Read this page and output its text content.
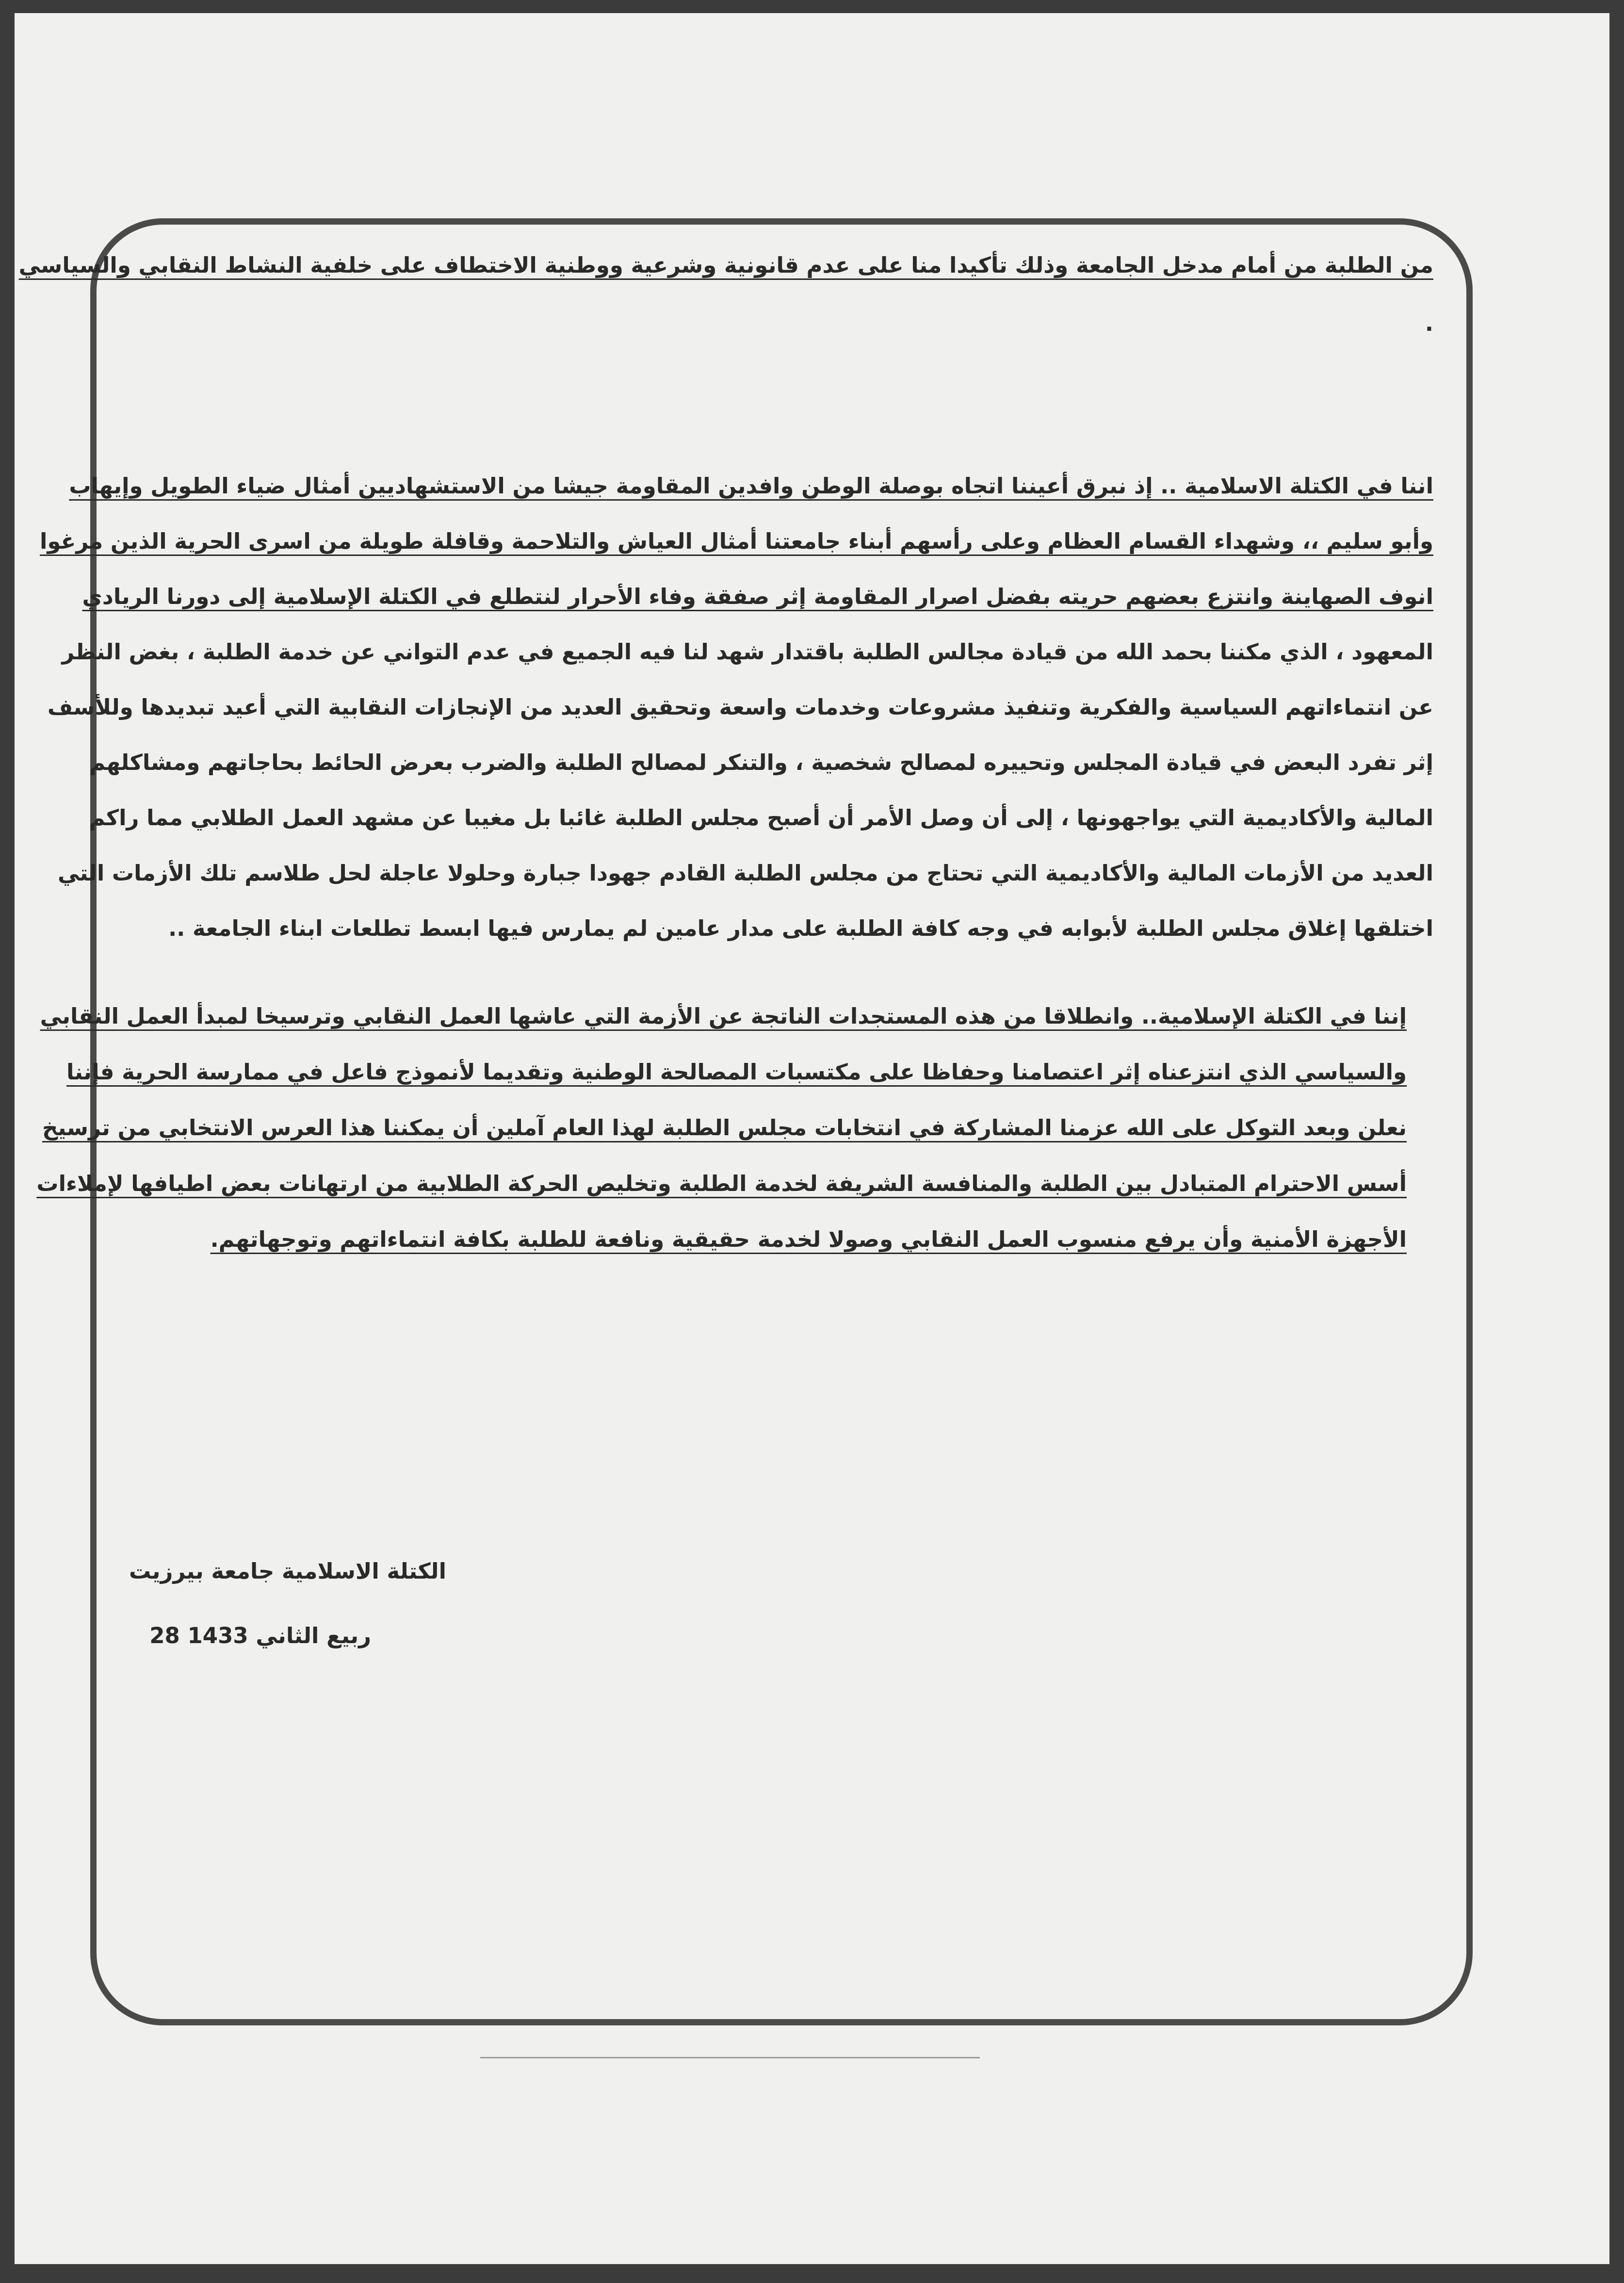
من الطلبة من أمام مدخل الجامعة وذلك تأكيدا منا على عدم قانونية وشرعية ووطنية الاختطاف على خلفية النشاط النقابي والسياسي
.
اننا في الكتلة الاسلامية .. إذ نبرق أعيننا اتجاه بوصلة الوطن وافدين المقاومة جيشا من الاستشهاديين أمثال ضياء الطويل وإيهاب
وأبو سليم ،، وشهداء القسام العظام وعلى رأسهم أبناء جامعتنا أمثال العياش والتلاحمة وقافلة طويلة من اسرى الحرية الذين مرغوا
انوف الصهاينة وانتزع بعضهم حريته بفضل اصرار المقاومة إثر صفقة وفاء الأحرار لنتطلع في الكتلة الإسلامية إلى دورنا الريادي
المعهود ، الذي مكننا بحمد الله من قيادة مجالس الطلبة باقتدار شهد لنا فيه الجميع في عدم التواني عن خدمة الطلبة ، بغض النظر
عن انتماءاتهم السياسية والفكرية وتنفيذ مشروعات وخدمات واسعة وتحقيق العديد من الإنجازات النقابية التي أعيد تبديدها وللأسف
إثر تفرد البعض في قيادة المجلس وتحييره لمصالح شخصية ، والتنكر لمصالح الطلبة والضرب بعرض الحائط بحاجاتهم ومشاكلهم
المالية والأكاديمية التي يواجهونها ، إلى أن وصل الأمر أن أصبح مجلس الطلبة غائبا بل مغيبا عن مشهد العمل الطلابي مما راكم
العديد من الأزمات المالية والأكاديمية التي تحتاج من مجلس الطلبة القادم جهودا جبارة وحلولا عاجلة لحل طلاسم تلك الأزمات التي
اختلقها إغلاق مجلس الطلبة لأبوابه في وجه كافة الطلبة على مدار عامين لم يمارس فيها ابسط تطلعات ابناء الجامعة ..
إننا في الكتلة الإسلامية.. وانطلاقا من هذه المستجدات الناتجة عن الأزمة التي عاشها العمل النقابي وترسيخا لمبدأ العمل النقابي
والسياسي الذي انتزعناه إثر اعتصامنا وحفاظا على مكتسبات المصالحة الوطنية وتقديما لأنموذج فاعل في ممارسة الحرية فإننا
نعلن وبعد التوكل على الله عزمنا المشاركة في انتخابات مجلس الطلبة لهذا العام آملين أن يمكننا هذا العرس الانتخابي من ترسيخ
أسس الاحترام المتبادل بين الطلبة والمنافسة الشريفة لخدمة الطلبة وتخليص الحركة الطلابية من ارتهانات بعض اطيافها لإملاءات
الأجهزة الأمنية وأن يرفع منسوب العمل النقابي وصولا لخدمة حقيقية ونافعة للطلبة بكافة انتماءاتهم وتوجهاتهم.
الكتلة الاسلامية جامعة بيرزيت
ربيع الثاني 1433 28
